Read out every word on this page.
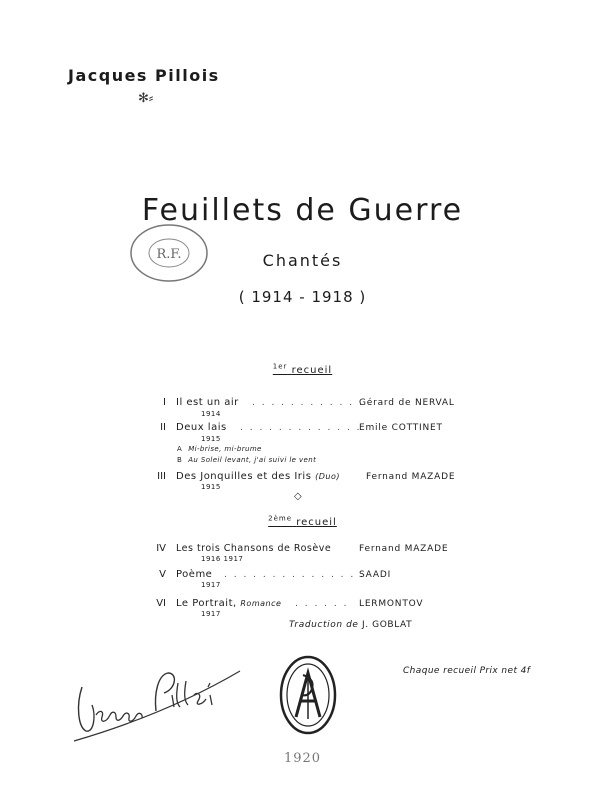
Jacques Pillois
✻⸗
R.F.
Feuillets de Guerre
Chantés
( 1914 - 1918 )
$^{1er}$ recueil
I Il est un air . . . . . . . . . . . . .
Gérard de NERVAL
1914
II Deux lais . . . . . . . . . . . . .
Emile COTTINET
1915
A Mi-brise, mi-brume
B Au Soleil levant, j'ai suivi le vent
III Des Jonquilles et des Iris (Duo)	Fernand MAZADE
1915
◇
$^{2ème}$ recueil
IV Les trois Chansons de Rosève	Fernand MAZADE
1916 1917
V Poème . . . . . . . . . . . . . . .
SAADI
1917
VI Le Portrait, Romance . . . . . . LERMONTOV
1917
Traduction de J. GOBLAT
Chaque recueil Prix net 4f
1920
